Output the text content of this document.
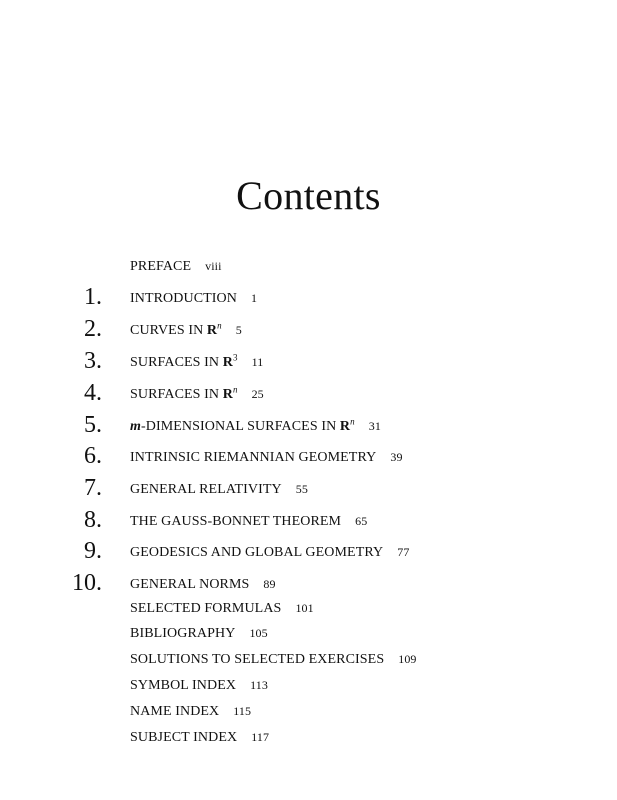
Contents
PREFACE viii
1. INTRODUCTION 1
2. CURVES IN $R^n$ 5
3. SURFACES IN $R^3$ 11
4. SURFACES IN $R^n$ 25
5. m-DIMENSIONAL SURFACES IN $R^n$ 31
6. INTRINSIC RIEMANNIAN GEOMETRY 39
7. GENERAL RELATIVITY 55
8. THE GAUSS-BONNET THEOREM 65
9. GEODESICS AND GLOBAL GEOMETRY 77
10. GENERAL NORMS 89
SELECTED FORMULAS 101
BIBLIOGRAPHY 105
SOLUTIONS TO SELECTED EXERCISES 109
SYMBOL INDEX 113
NAME INDEX 115
SUBJECT INDEX 117
